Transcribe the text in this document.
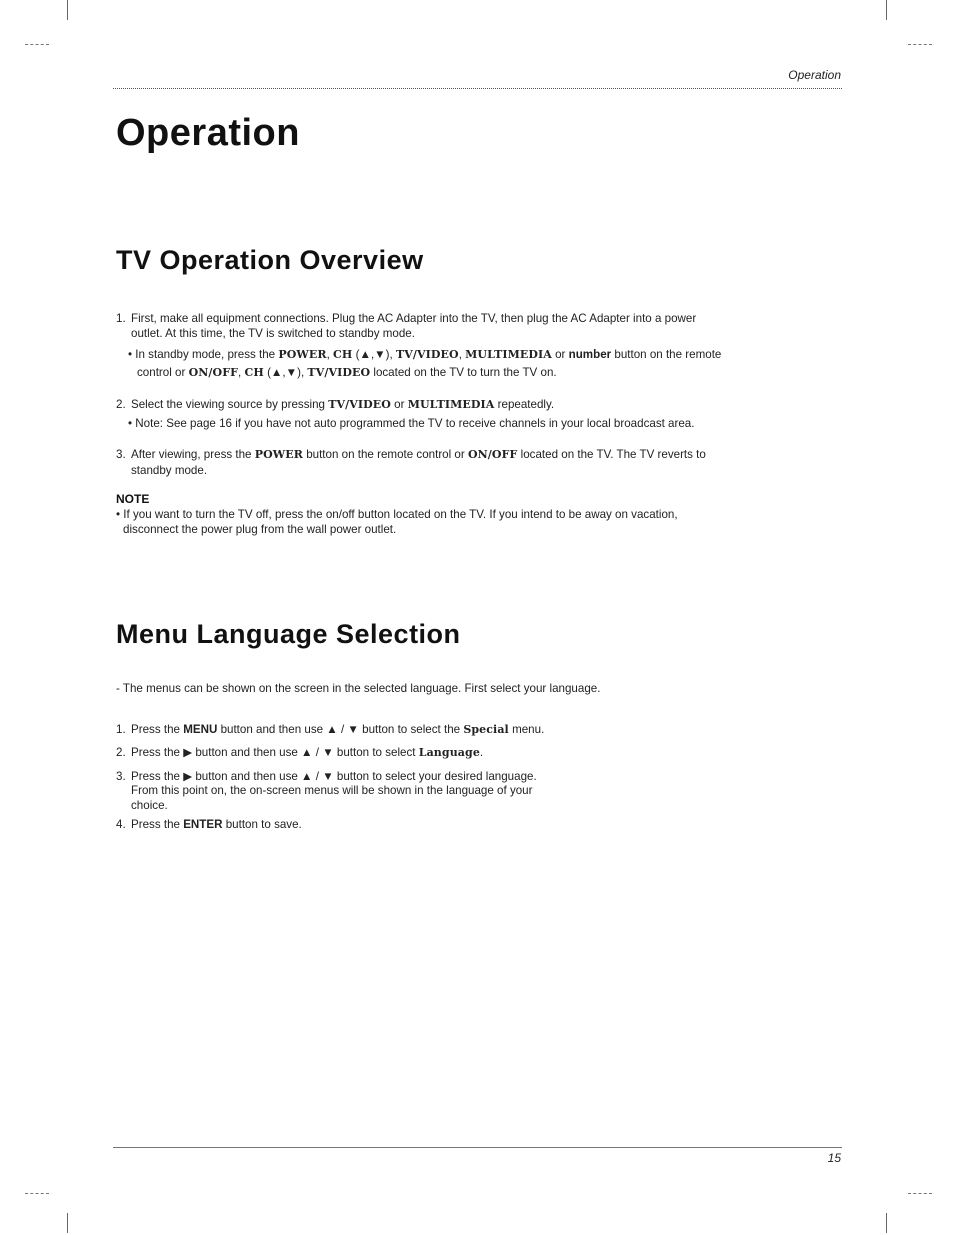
Operation
Operation
TV Operation Overview
1. First, make all equipment connections. Plug the AC Adapter into the TV, then plug the AC Adapter into a power
outlet. At this time, the TV is switched to standby mode.
• In standby mode, press the POWER, CH (▲,▼), TV/VIDEO, MULTIMEDIA or number button on the remote
control or ON/OFF, CH (▲,▼), TV/VIDEO located on the TV to turn the TV on.
2. Select the viewing source by pressing TV/VIDEO or MULTIMEDIA repeatedly.
• Note: See page 16 if you have not auto programmed the TV to receive channels in your local broadcast area.
3. After viewing, press the POWER button on the remote control or ON/OFF located on the TV. The TV reverts to
standby mode.
NOTE
• If you want to turn the TV off, press the on/off button located on the TV. If you intend to be away on vacation,
disconnect the power plug from the wall power outlet.
Menu Language Selection
- The menus can be shown on the screen in the selected language. First select your language.
1. Press the MENU button and then use ▲ / ▼ button to select the Special menu.
2. Press the ▶ button and then use ▲ / ▼ button to select Language.
3. Press the ▶ button and then use ▲ / ▼ button to select your desired language.
From this point on, the on-screen menus will be shown in the language of your
choice.
4. Press the ENTER button to save.
15
